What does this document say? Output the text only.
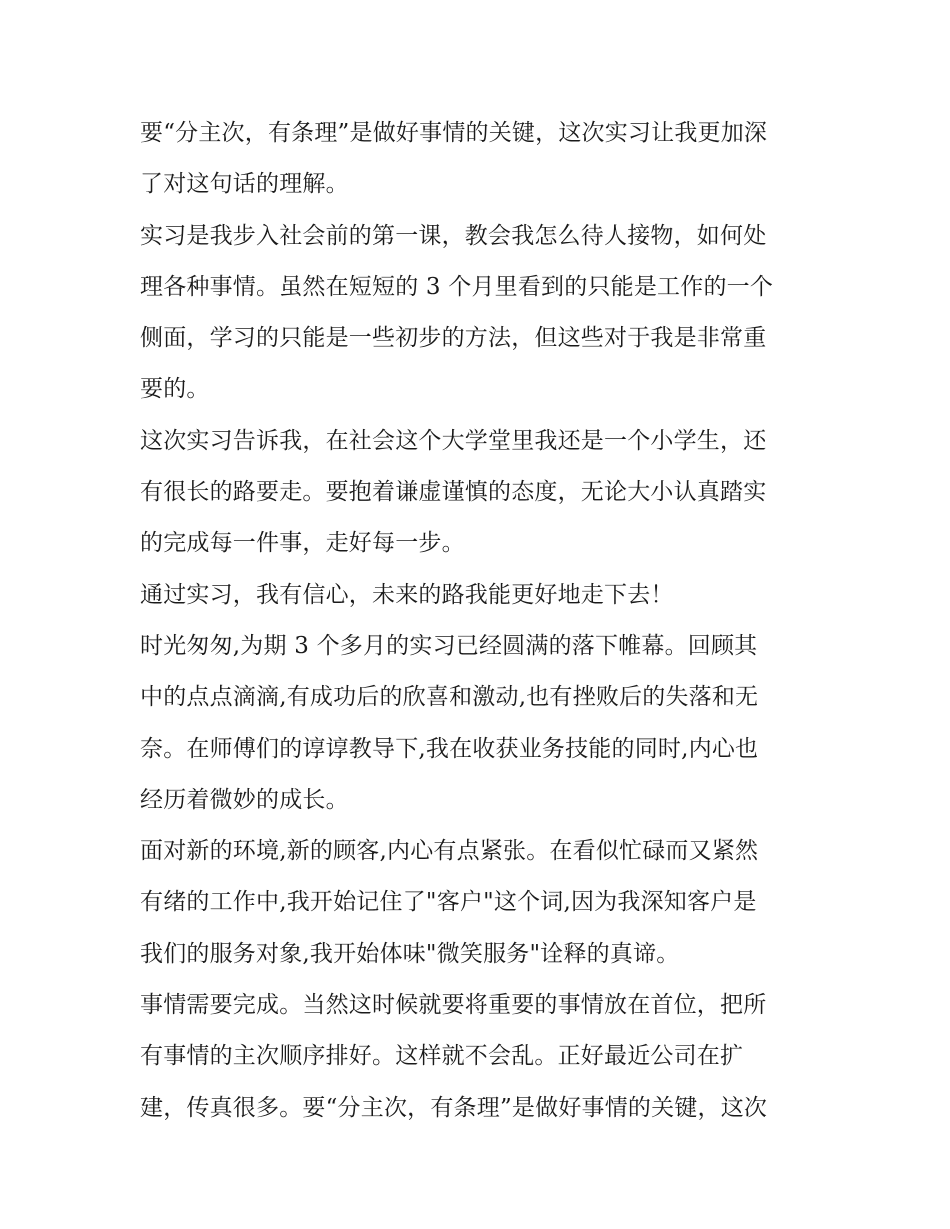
要“分主次，有条理”是做好事情的关键，这次实习让我更加深
了对这句话的理解。
实习是我步入社会前的第一课，教会我怎么待人接物，如何处
理各种事情。虽然在短短的 3 个月里看到的只能是工作的一个
侧面，学习的只能是一些初步的方法，但这些对于我是非常重
要的。
这次实习告诉我，在社会这个大学堂里我还是一个小学生，还
有很长的路要走。要抱着谦虚谨慎的态度，无论大小认真踏实
的完成每一件事，走好每一步。
通过实习，我有信心，未来的路我能更好地走下去！
时光匆匆,为期 3 个多月的实习已经圆满的落下帷幕。回顾其
中的点点滴滴,有成功后的欣喜和激动,也有挫败后的失落和无
奈。在师傅们的谆谆教导下,我在收获业务技能的同时,内心也
经历着微妙的成长。
面对新的环境,新的顾客,内心有点紧张。在看似忙碌而又紧然
有绪的工作中,我开始记住了"客户"这个词,因为我深知客户是
我们的服务对象,我开始体味"微笑服务"诠释的真谛。
事情需要完成。当然这时候就要将重要的事情放在首位，把所
有事情的主次顺序排好。这样就不会乱。正好最近公司在扩
建，传真很多。要“分主次，有条理”是做好事情的关键，这次
